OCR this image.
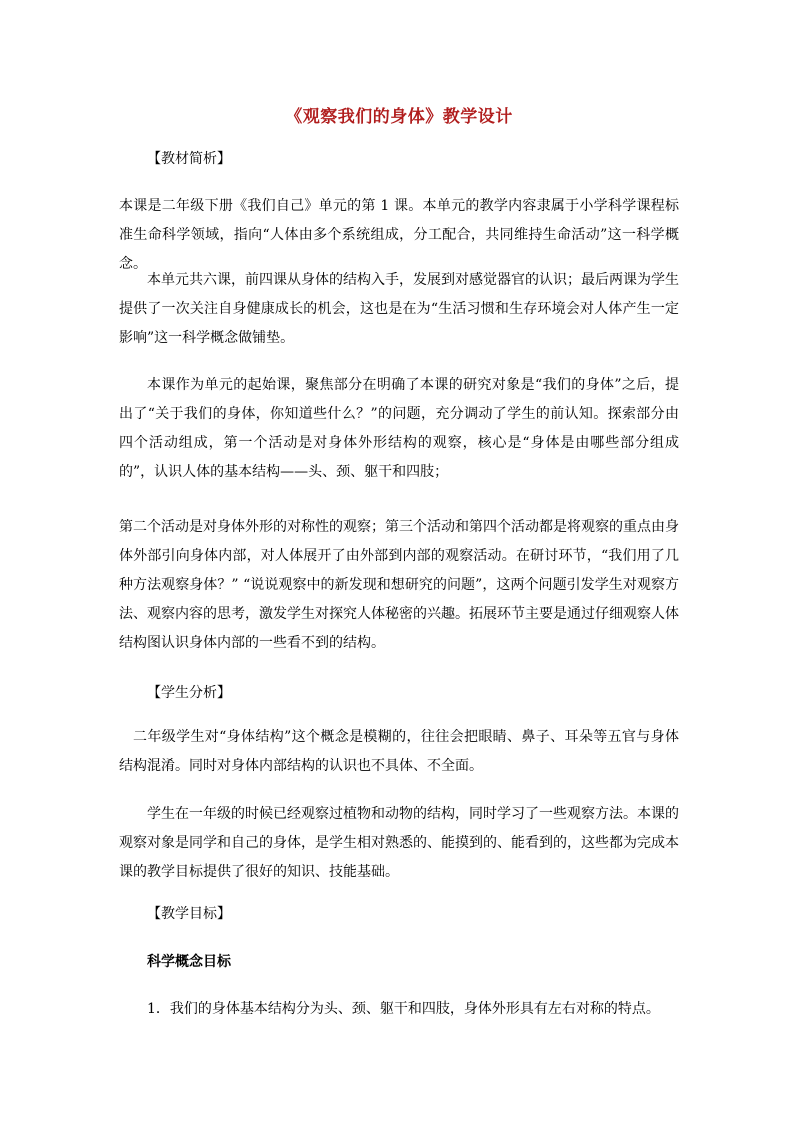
《观察我们的身体》教学设计
【教材简析】
本课是二年级下册《我们自己》单元的第 1 课。本单元的教学内容隶属于小学科学课程标准生命科学领域，指向“人体由多个系统组成，分工配合，共同维持生命活动”这一科学概念。
本单元共六课，前四课从身体的结构入手，发展到对感觉器官的认识；最后两课为学生提供了一次关注自身健康成长的机会，这也是在为“生活习惯和生存环境会对人体产生一定影响”这一科学概念做铺垫。
本课作为单元的起始课，聚焦部分在明确了本课的研究对象是“我们的身体”之后，提出了“关于我们的身体，你知道些什么？”的问题，充分调动了学生的前认知。探索部分由四个活动组成，第一个活动是对身体外形结构的观察，核心是“身体是由哪些部分组成的”，认识人体的基本结构——头、颈、躯干和四肢；
第二个活动是对身体外形的对称性的观察；第三个活动和第四个活动都是将观察的重点由身体外部引向身体内部，对人体展开了由外部到内部的观察活动。在研讨环节，“我们用了几种方法观察身体？” “说说观察中的新发现和想研究的问题”，这两个问题引发学生对观察方法、观察内容的思考，激发学生对探究人体秘密的兴趣。拓展环节主要是通过仔细观察人体结构图认识身体内部的一些看不到的结构。
【学生分析】
二年级学生对“身体结构”这个概念是模糊的，往往会把眼睛、鼻子、耳朵等五官与身体结构混淆。同时对身体内部结构的认识也不具体、不全面。
学生在一年级的时候已经观察过植物和动物的结构，同时学习了一些观察方法。本课的观察对象是同学和自己的身体，是学生相对熟悉的、能摸到的、能看到的，这些都为完成本课的教学目标提供了很好的知识、技能基础。
【教学目标】
科学概念目标
1．我们的身体基本结构分为头、颈、躯干和四肢，身体外形具有左右对称的特点。
